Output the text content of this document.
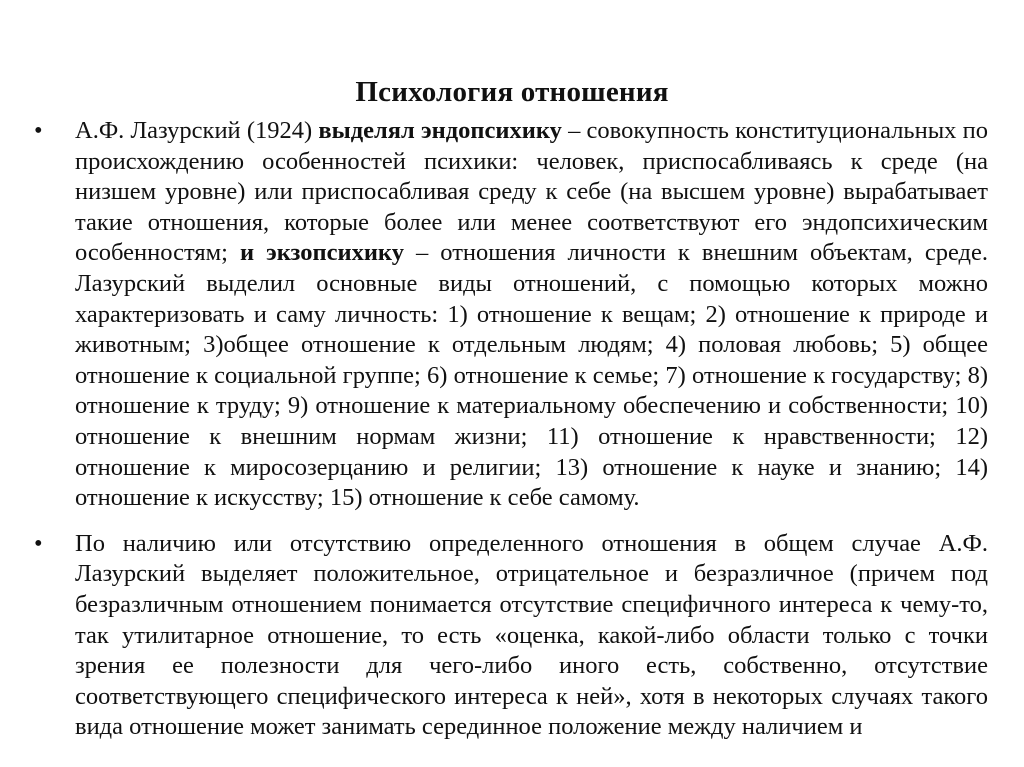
Психология отношения
• А.Ф. Лазурский (1924) выделял эндопсихику – совокупность конституциональных по происхождению особенностей психики: человек, приспосабливаясь к среде (на низшем уровне) или приспосабливая среду к себе (на высшем уровне) вырабатывает такие отношения, которые более или менее соответствуют его эндопсихическим особенностям; и экзопсихику – отношения личности к внешним объектам, среде. Лазурский выделил основные виды отношений, с помощью которых можно характеризовать и саму личность: 1) отношение к вещам; 2) отношение к природе и животным; 3)общее отношение к отдельным людям; 4) половая любовь; 5) общее отношение к социальной группе; 6) отношение к семье; 7) отношение к государству; 8) отношение к труду; 9) отношение к материальному обеспечению и собственности; 10) отношение к внешним нормам жизни; 11) отношение к нравственности; 12) отношение к миросозерцанию и религии; 13) отношение к науке и знанию; 14) отношение к искусству; 15) отношение к себе самому.
• По наличию или отсутствию определенного отношения в общем случае А.Ф. Лазурский выделяет положительное, отрицательное и безразличное (причем под безразличным отношением понимается отсутствие специфичного интереса к чему-то, так утилитарное отношение, то есть «оценка, какой-либо области только с точки зрения ее полезности для чего-либо иного есть, собственно, отсутствие соответствующего специфического интереса к ней», хотя в некоторых случаях такого вида отношение может занимать серединное положение между наличием и
